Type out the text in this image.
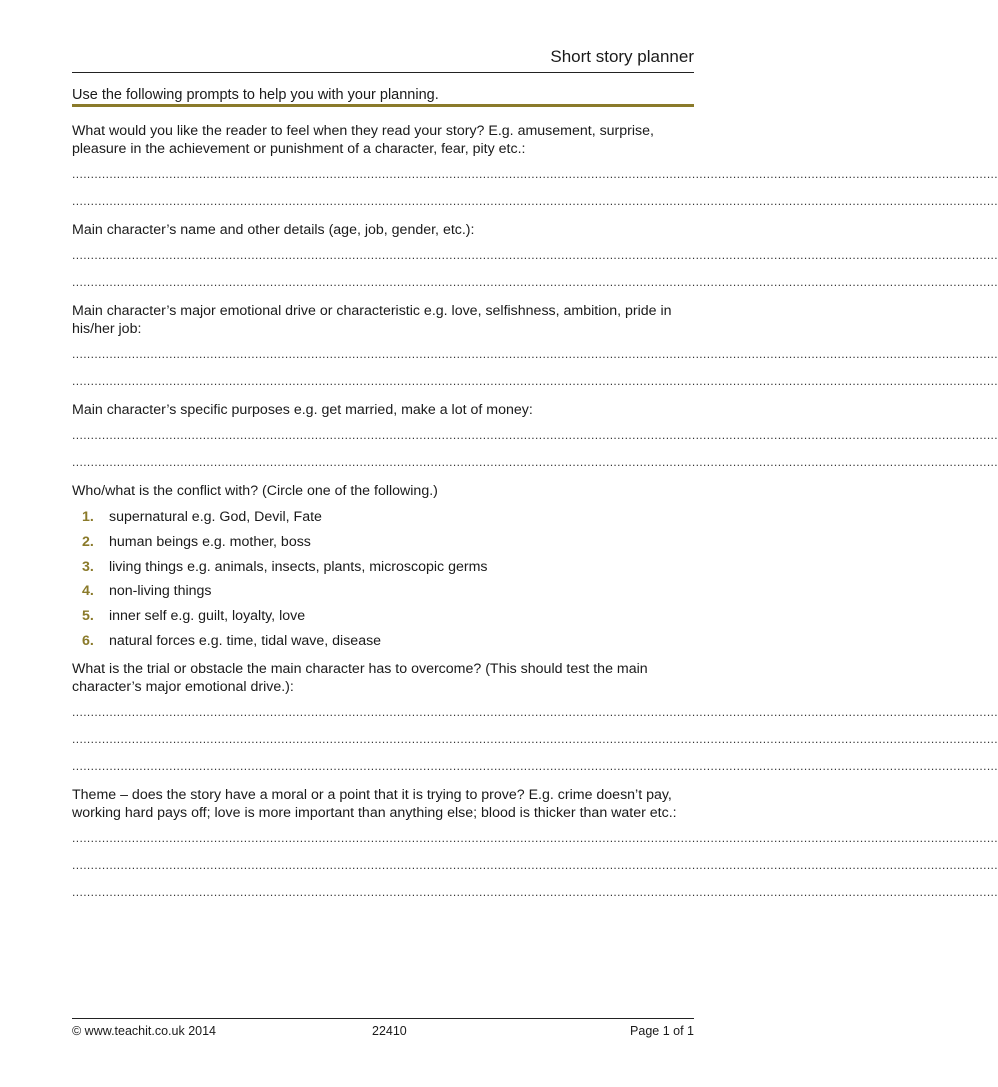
Short story planner
Use the following prompts to help you with your planning.

What would you like the reader to feel when they read your story? E.g. amusement, surprise, pleasure in the achievement or punishment of a character, fear, pity etc.:

........................................................................................................................................................................................................................................................
........................................................................................................................................................................................................................................................

Main character’s name and other details (age, job, gender, etc.):

........................................................................................................................................................................................................................................................
........................................................................................................................................................................................................................................................

Main character’s major emotional drive or characteristic e.g. love, selfishness, ambition, pride in his/her job:

........................................................................................................................................................................................................................................................
........................................................................................................................................................................................................................................................

Main character’s specific purposes e.g. get married, make a lot of money:

........................................................................................................................................................................................................................................................
........................................................................................................................................................................................................................................................

Who/what is the conflict with? (Circle one of the following.)

1. supernatural e.g. God, Devil, Fate
2. human beings e.g. mother, boss
3. living things e.g. animals, insects, plants, microscopic germs
4. non-living things
5. inner self e.g. guilt, loyalty, love
6. natural forces e.g. time, tidal wave, disease

What is the trial or obstacle the main character has to overcome? (This should test the main character’s major emotional drive.):

........................................................................................................................................................................................................................................................
........................................................................................................................................................................................................................................................
........................................................................................................................................................................................................................................................

Theme – does the story have a moral or a point that it is trying to prove? E.g. crime doesn’t pay, working hard pays off; love is more important than anything else; blood is thicker than water etc.:

........................................................................................................................................................................................................................................................
........................................................................................................................................................................................................................................................
........................................................................................................................................................................................................................................................
© www.teachit.co.uk 2014	22410	Page 1 of 1
